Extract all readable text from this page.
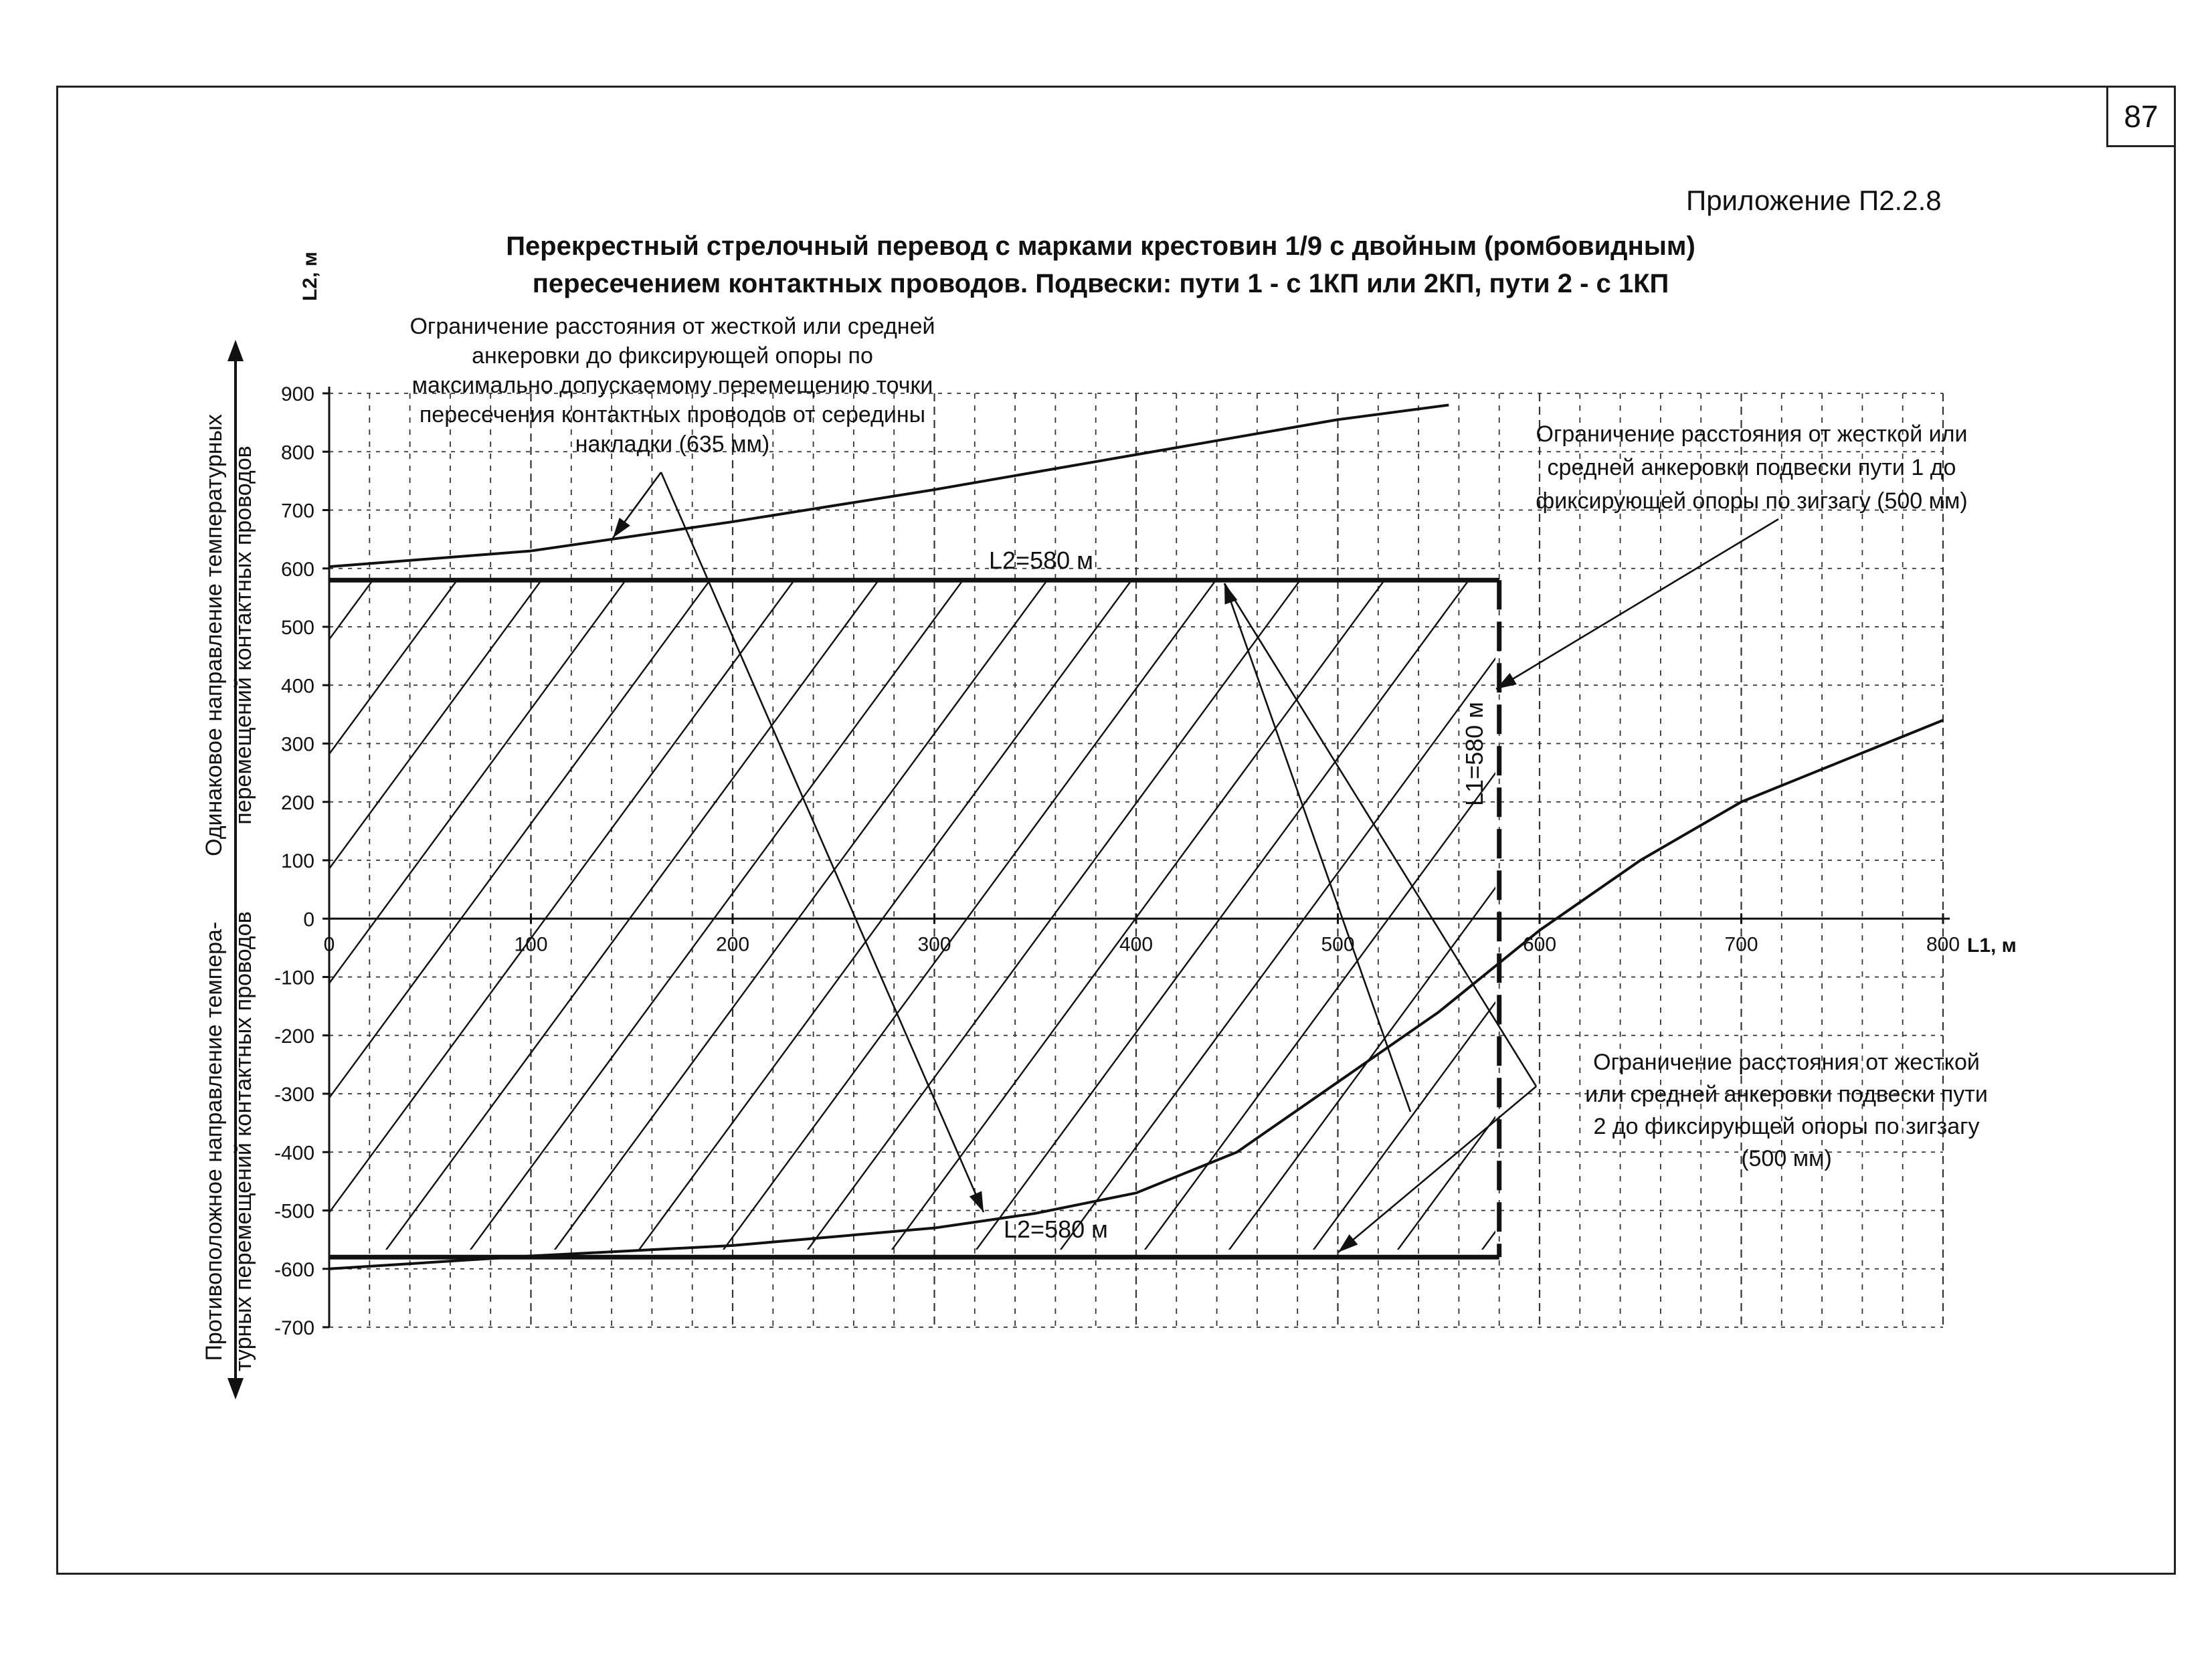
87
Приложение П2.2.8
Перекрестный стрелочный перевод с марками крестовин 1/9 с двойным (ромбовидным)
пересечением контактных проводов. Подвески: пути 1 - с 1КП или 2КП, пути 2 - с 1КП
0	100	200	300	400	500	600	700	800
900
800
700
600
500
400
300
200
100
0
-100
-200
-300
-400
-500
-600
-700
L2, м
L1, м
Одинаковое направление температурных перемещений контактных проводов
Противоположное направление темпера- турных перемещений контактных проводов
L2=580 м
L2=580 м
L1=580 м
Ограничение расстояния от жесткой или средней
анкеровки до фиксирующей опоры по
максимально допускаемому перемещению точки
пересечения контактных проводов от середины
накладки (635 мм)	Ограничение расстояния от жесткой или
средней анкеровки подвески пути 1 до
фиксирующей опоры по зигзагу (500 мм)
Ограничение расстояния от жесткой
или средней анкеровки подвески пути
2 до фиксирующей опоры по зигзагу
(500 мм)
